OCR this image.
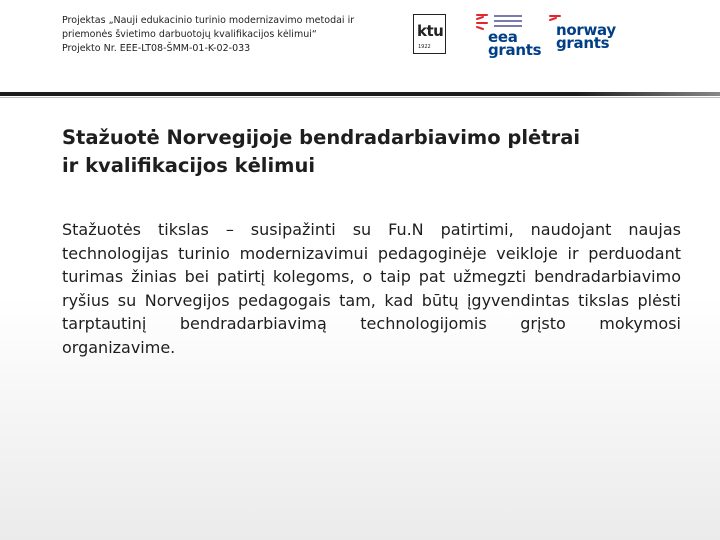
Projektas „Nauji edukacinio turinio modernizavimo metodai ir
priemonės švietimo darbuotojų kvalifikacijos kėlimui“
Projekto Nr. EEE-LT08-ŠMM-01-K-02-033
ktu
1922
eea
grants
norway
grants
Stažuotė Norvegijoje bendradarbiavimo plėtrai
ir kvalifikacijos kėlimui
Stažuotės tikslas – susipažinti su Fu.N patirtimi, naudojant naujas technologijas turinio modernizavimui pedagoginėje veikloje ir perduodant turimas žinias bei patirtį kolegoms, o taip pat užmegzti bendradarbiavimo ryšius su Norvegijos pedagogais tam, kad būtų įgyvendintas tikslas plėsti tarptautinį bendradarbiavimą technologijomis grįsto mokymosi organizavime.
